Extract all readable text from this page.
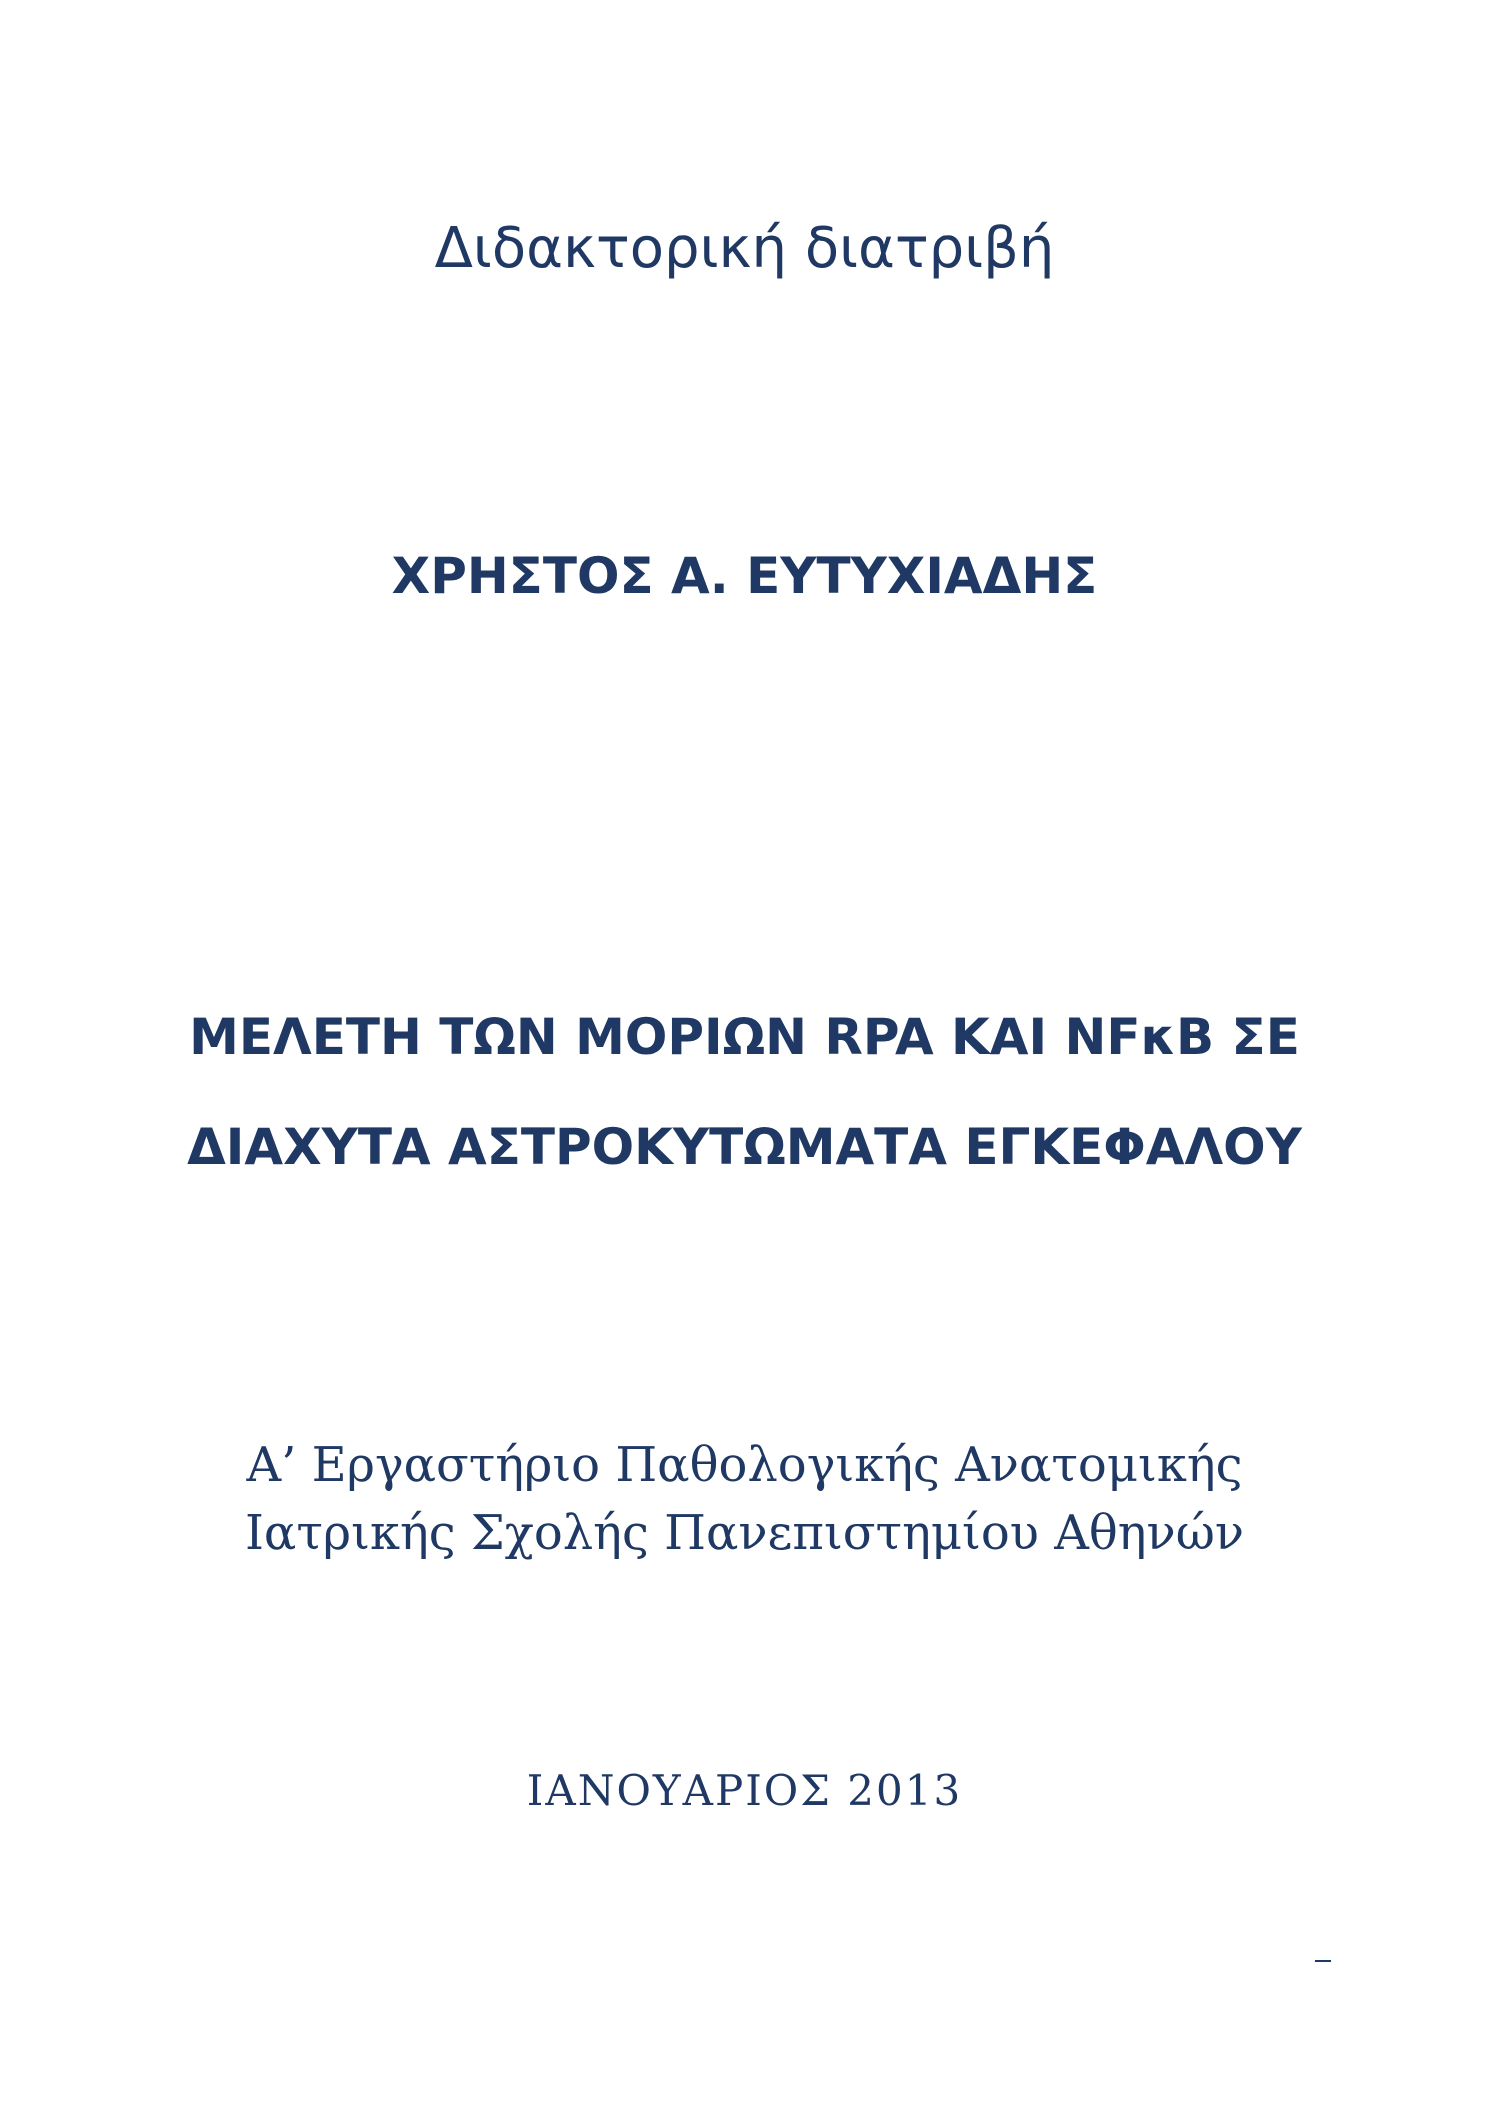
Διδακτορική διατριβή
ΧΡΗΣΤΟΣ Α. ΕΥΤΥΧΙΑΔΗΣ
ΜΕΛΕΤΗ ΤΩΝ ΜΟΡΙΩΝ RPA ΚΑΙ NFκB ΣΕ
ΔΙΑΧΥΤΑ ΑΣΤΡΟΚΥΤΩΜΑΤΑ ΕΓΚΕΦΑΛΟΥ
Α’ Εργαστήριο Παθολογικής Ανατομικής
Ιατρικής Σχολής Πανεπιστημίου Αθηνών
ΙΑΝΟΥΑΡΙΟΣ 2013
